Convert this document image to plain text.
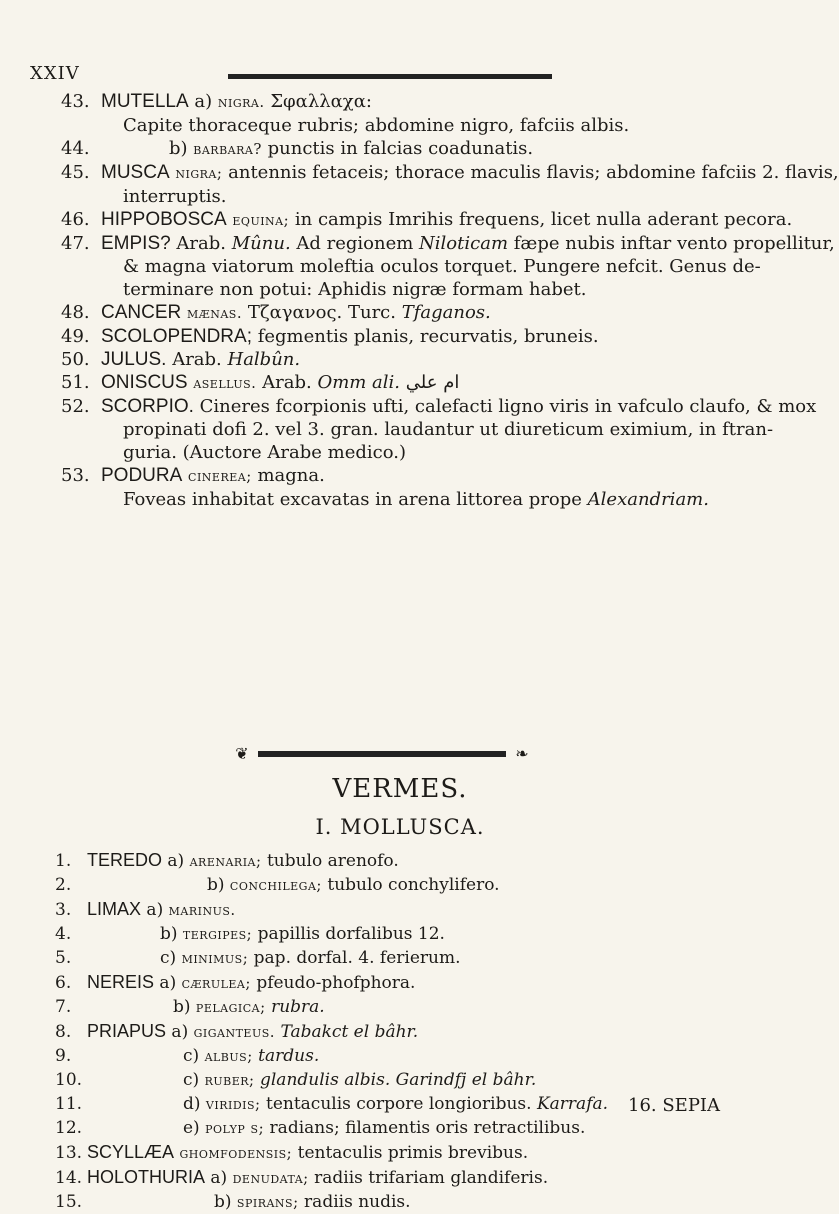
XXIV
43. MUTELLA a) nigra. Σφαλλαχα:
Capite thoraceque rubris; abdomine nigro, fafciis albis.
44.	b) barbara? punctis in falcias coadunatis.
45. MUSCA nigra; antennis fetaceis; thorace maculis flavis; abdomine fafciis 2. flavis,
interruptis.
46. HIPPOBOSCA equina; in campis Imrihis frequens, licet nulla aderant pecora.
47. EMPIS? Arab. Mûnu. Ad regionem Niloticam fæpe nubis inftar vento propellitur,
& magna viatorum moleftia oculos torquet. Pungere nefcit. Genus de-
terminare non potui: Aphidis nigræ formam habet.
48. CANCER mænas. Τζαγανος. Turc. Tfaganos.
49. SCOLOPENDRA; fegmentis planis, recurvatis, bruneis.
50. JULUS. Arab. Halbûn.
51. ONISCUS asellus. Arab. Omm ali. ام علي
52. SCORPIO. Cineres fcorpionis ufti, calefacti ligno viris in vafculo claufo, & mox
propinati dofi 2. vel 3. gran. laudantur ut diureticum eximium, in ftran-
guria. (Auctore Arabe medico.)
53. PODURA cinerea; magna.
Foveas inhabitat excavatas in arena littorea prope Alexandriam.
❦	❧
VERMES.
I. MOLLUSCA.
1. TEREDO a) arenaria; tubulo arenofo.
2.	b) conchilega; tubulo conchylifero.
3. LIMAX a) marinus.
4.	b) tergipes; papillis dorfalibus 12.
5.	c) minimus; pap. dorfal. 4. ferierum.
6. NEREIS a) cærulea; pfeudo-phofphora.
7.	b) pelagica; rubra.
8. PRIAPUS a) giganteus. Tabakct el bâhr.
9.	c) albus; tardus.
10.	c) ruber; glandulis albis. Garindfj el bâhr.
11.	d) viridis; tentaculis corpore longioribus. Karrafa.
12.	e) polyp s; radians; filamentis oris retractilibus.
13. SCYLLÆA ghomfodensis; tentaculis primis brevibus.
14. HOLOTHURIA a) denudata; radiis trifariam glandiferis.
15.	b) spirans; radiis nudis.
16. SEPIA
